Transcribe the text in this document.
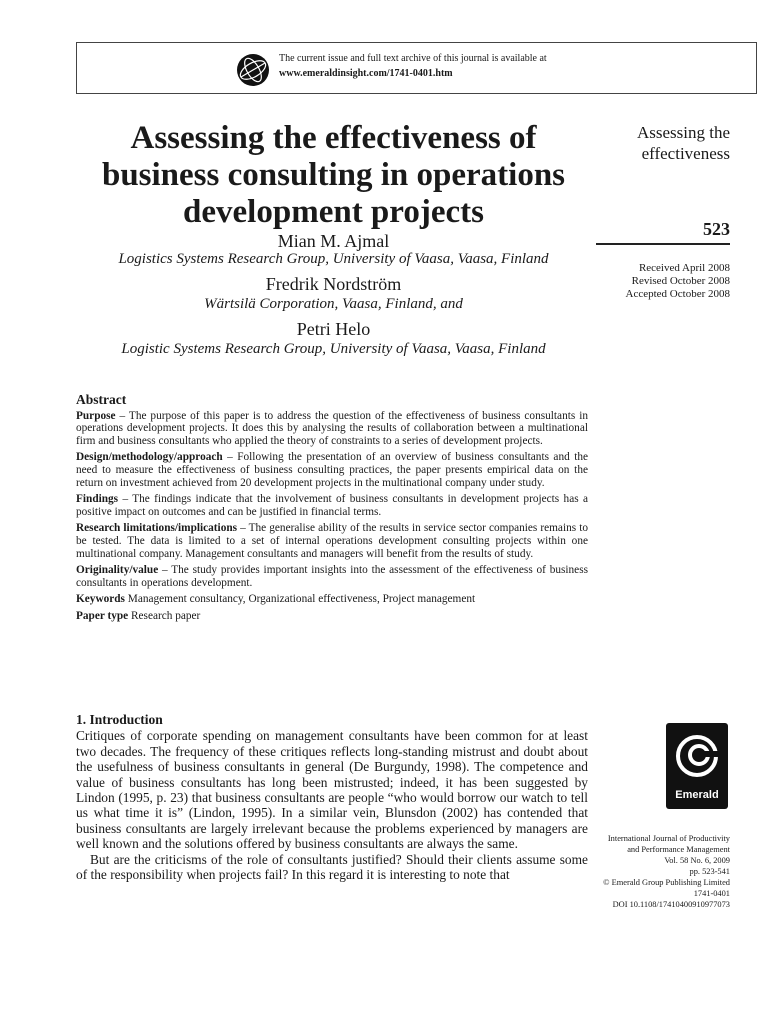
The current issue and full text archive of this journal is available at
www.emeraldinsight.com/1741-0401.htm
Assessing the effectiveness of business consulting in operations development projects
Mian M. Ajmal
Logistics Systems Research Group, University of Vaasa, Vaasa, Finland
Fredrik Nordström
Wärtsilä Corporation, Vaasa, Finland, and
Petri Helo
Logistic Systems Research Group, University of Vaasa, Vaasa, Finland
Assessing the effectiveness
523
Received April 2008
Revised October 2008
Accepted October 2008
Emerald
International Journal of Productivity
and Performance Management
Vol. 58 No. 6, 2009
pp. 523-541
© Emerald Group Publishing Limited
1741-0401
DOI 10.1108/17410400910977073
Abstract

Purpose – The purpose of this paper is to address the question of the effectiveness of business consultants in operations development projects. It does this by analysing the results of collaboration between a multinational firm and business consultants who applied the theory of constraints to a series of development projects.

Design/methodology/approach – Following the presentation of an overview of business consultants and the need to measure the effectiveness of business consulting practices, the paper presents empirical data on the return on investment achieved from 20 development projects in the multinational company under study.

Findings – The findings indicate that the involvement of business consultants in development projects has a positive impact on outcomes and can be justified in financial terms.

Research limitations/implications – The generalise ability of the results in service sector companies remains to be tested. The data is limited to a set of internal operations development consulting projects within one multinational company. Management consultants and managers will benefit from the results of study.

Originality/value – The study provides important insights into the assessment of the effectiveness of business consultants in operations development.

Keywords Management consultancy, Organizational effectiveness, Project management

Paper type Research paper

1. Introduction

Critiques of corporate spending on management consultants have been common for at least two decades. The frequency of these critiques reflects long-standing mistrust and doubt about the usefulness of business consultants in general (De Burgundy, 1998). The competence and value of business consultants has long been mistrusted; indeed, it has been suggested by Lindon (1995, p. 23) that business consultants are people “who would borrow our watch to tell us what time it is” (Lindon, 1995). In a similar vein, Blunsdon (2002) has contended that business consultants are largely irrelevant because the problems experienced by managers are well known and the solutions offered by business consultants are always the same.

But are the criticisms of the role of consultants justified? Should their clients assume some of the responsibility when projects fail? In this regard it is interesting to note that
